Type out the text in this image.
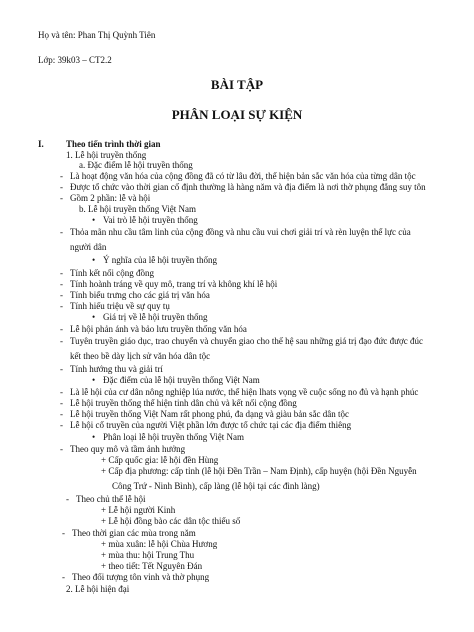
Họ và tên: Phan Thị Quỳnh Tiên
Lớp: 39k03 – CT2.2
BÀI TẬP
PHÂN LOẠI SỰ KIỆN
I. Theo tiến trình thời gian
1. Lễ hội truyền thống
a. Đặc điểm lễ hội truyền thống
- Là hoạt động văn hóa của cộng đồng đã có từ lâu đời, thể hiện bản sắc văn hóa của từng dân tộc
- Được tổ chức vào thời gian cố định thường là hàng năm và địa điểm là nơi thờ phụng đẳng suy tôn
- Gồm 2 phần: lễ và hội
b. Lễ hội truyền thống Việt Nam
• Vai trò lễ hội truyền thống
- Thỏa mãn nhu cầu tâm linh của cộng đồng và nhu cầu vui chơi giải trí và rèn luyện thể lực của
người dân
• Ý nghĩa của lễ hội truyền thống
- Tính kết nối cộng đồng
- Tính hoành tráng về quy mô, trang trí và không khí lễ hội
- Tính biểu trưng cho các giá trị văn hóa
- Tính hiếu triệu về sự quy tụ
• Giá trị về lễ hội truyền thống
- Lễ hội phản ánh và bảo lưu truyền thống văn hóa
- Tuyên truyền giáo dục, trao chuyển và chuyển giao cho thế hệ sau những giá trị đạo đức được đúc
kết theo bề dày lịch sử văn hóa dân tộc
- Tính hướng thu và giải trí
• Đặc điểm của lễ hội truyền thống Việt Nam
- Là lễ hội của cư dân nông nghiệp lúa nước, thể hiện lhats vọng về cuộc sống no đủ và hạnh phúc
- Lễ hội truyền thống thể hiện tinh dân chủ và kết nối cộng đồng
- Lễ hội truyền thống Việt Nam rất phong phú, đa dạng và giàu bản sắc dân tộc
- Lễ hội cổ truyền của người Việt phần lớn được tổ chức tại các địa điểm thiêng
• Phân loại lễ hội truyền thống Việt Nam
- Theo quy mô và tầm ảnh hưởng
+ Cấp quốc gia: lễ hội đền Hùng
+ Cấp địa phương: cấp tỉnh (lễ hội Đền Trần – Nam Định), cấp huyện (hội Đền Nguyễn
Công Trứ - Ninh Bình), cấp làng (lễ hội tại các đình làng)
- Theo chủ thể lễ hội
+ Lễ hội người Kinh
+ Lễ hội đồng bào các dân tộc thiểu số
- Theo thời gian các mùa trong năm
+ mùa xuân: lễ hội Chùa Hương
+ mùa thu: hội Trung Thu
+ theo tiết: Tết Nguyên Đán
- Theo đối tượng tôn vinh và thờ phụng
2. Lễ hội hiện đại
